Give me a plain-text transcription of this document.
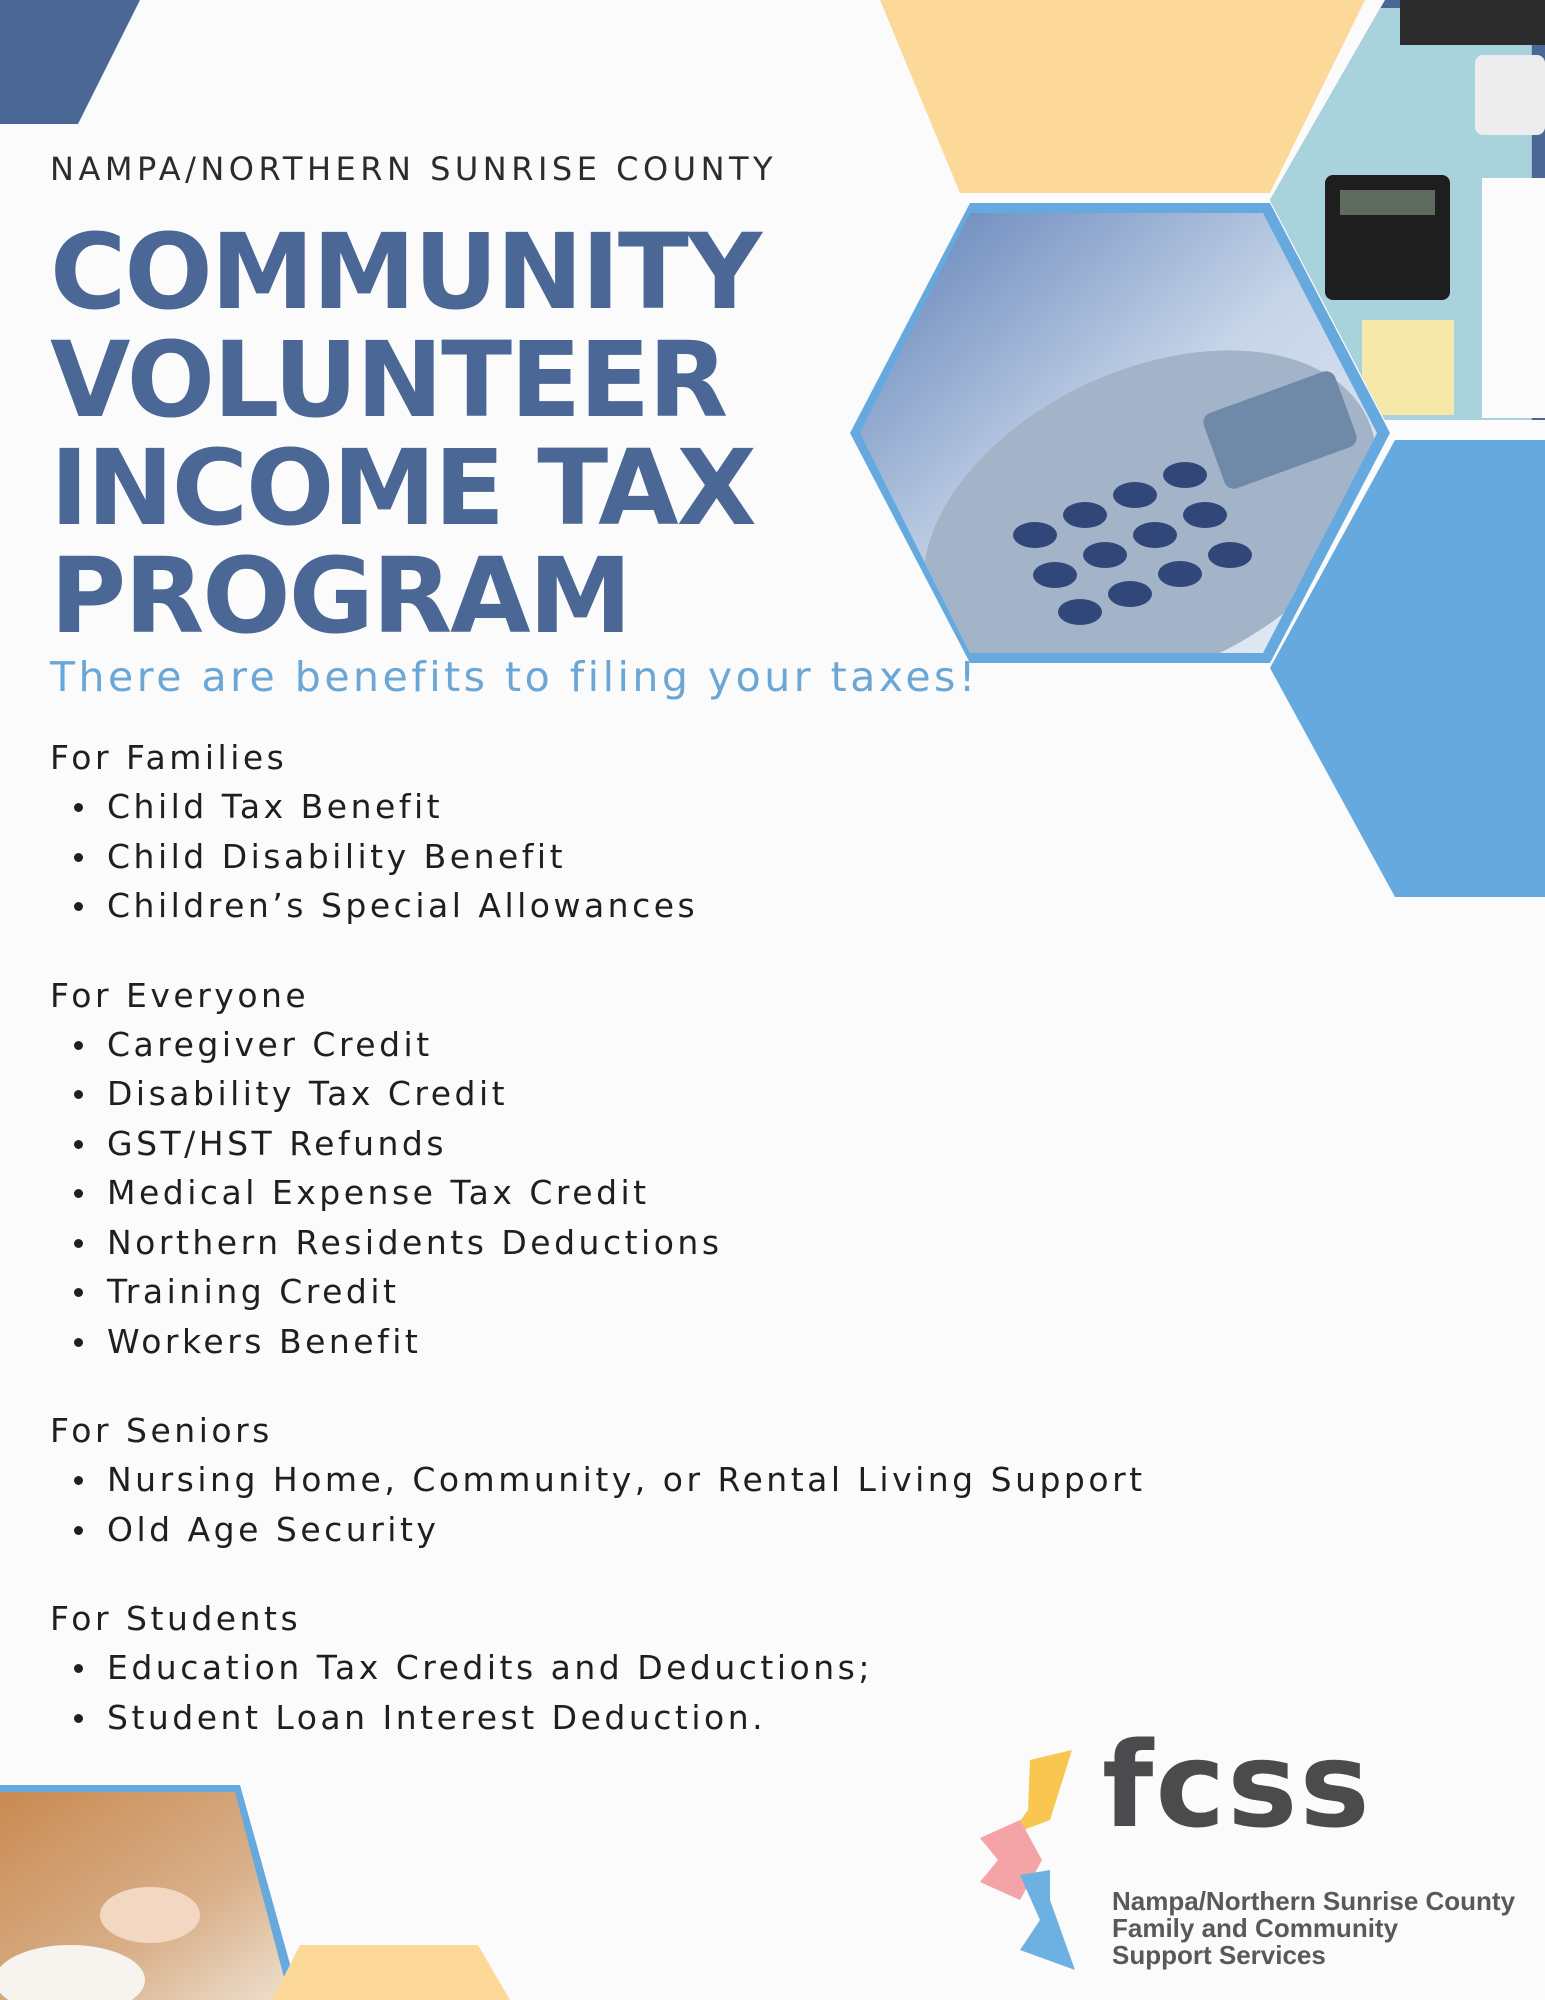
NAMPA/NORTHERN SUNRISE COUNTY

COMMUNITY
VOLUNTEER
INCOME TAX
PROGRAM

There are benefits to filing your taxes!

For Families

Child Tax Benefit
Child Disability Benefit
Children’s Special Allowances

For Everyone

Caregiver Credit
Disability Tax Credit
GST/HST Refunds
Medical Expense Tax Credit
Northern Residents Deductions
Training Credit
Workers Benefit

For Seniors

Nursing Home, Community, or Rental Living Support
Old Age Security

For Students

Education Tax Credits and Deductions;
Student Loan Interest Deduction.	fcss

Nampa/Northern Sunrise County

Family and Community

Support Services
